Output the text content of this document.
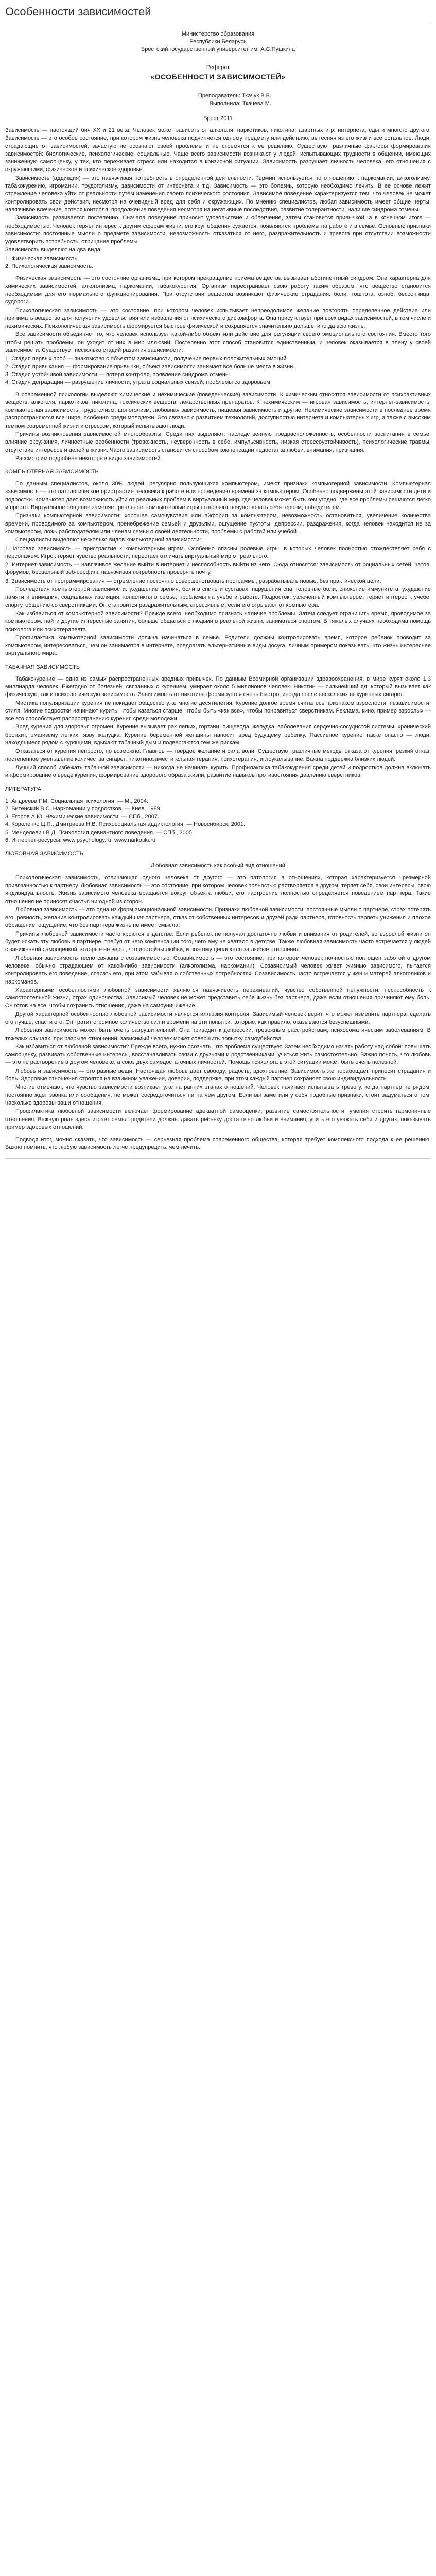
Особенности зависимостей
Министерство образования
Республики Беларусь
Брестский государственный университет им. А.С.Пушкина
Реферат
«ОСОБЕННОСТИ ЗАВИСИМОСТЕЙ»
Преподаватель: Ткачук В.В.
Выполнила: Ткачева М.
Брест 2011

Зависимость — настоящий бич XX и 21 века. Человек может зависеть от алкоголя, наркотиков, никотина, азартных игр, интернета, еды и многого другого. Зависимость — это особое состояние, при котором жизнь человека подчиняется одному предмету или действию, вытесняя из его жизни все остальное. Люди, страдающие от зависимостей, зачастую не осознают своей проблемы и не стремятся к ее решению. Существуют различные факторы формирования зависимостей: биологические, психологические, социальные. Чаще всего зависимости возникают у людей, испытывающих трудности в общении, имеющих заниженную самооценку, у тех, кто переживает стресс или находится в кризисной ситуации. Зависимость разрушает личность человека, его отношения с окружающими, физическое и психическое здоровье.

Зависимость (аддикция) — это навязчивая потребность в определенной деятельности. Термин используется по отношению к наркомании, алкоголизму, табакокурению, игромании, трудоголизму, зависимости от интернета и т.д. Зависимость — это болезнь, которую необходимо лечить. В ее основе лежит стремление человека уйти от реальности путем изменения своего психического состояния. Зависимое поведение характеризуется тем, что человек не может контролировать свои действия, несмотря на очевидный вред для себя и окружающих. По мнению специалистов, любая зависимость имеет общие черты: навязчивое влечение, потеря контроля, продолжение поведения несмотря на негативные последствия, развитие толерантности, наличие синдрома отмены.

Зависимость развивается постепенно. Сначала поведение приносит удовольствие и облегчение, затем становится привычкой, а в конечном итоге — необходимостью. Человек теряет интерес к другим сферам жизни, его круг общения сужается, появляются проблемы на работе и в семье. Основные признаки зависимости: постоянные мысли о предмете зависимости, невозможность отказаться от него, раздражительность и тревога при отсутствии возможности удовлетворить потребность, отрицание проблемы.

Зависимость выделяют на два вида:

1. Физическая зависимость.
2. Психологическая зависимость.

Физическая зависимость — это состояние организма, при котором прекращение приема вещества вызывает абстинентный синдром. Она характерна для химических зависимостей: алкоголизма, наркомании, табакокурения. Организм перестраивает свою работу таким образом, что вещество становится необходимым для его нормального функционирования. При отсутствии вещества возникают физические страдания: боли, тошнота, озноб, бессонница, судороги.

Психологическая зависимость — это состояние, при котором человек испытывает непреодолимое желание повторять определенное действие или принимать вещество для получения удовольствия или избавления от психического дискомфорта. Она присутствует при всех видах зависимостей, в том числе и нехимических. Психологическая зависимость формируется быстрее физической и сохраняется значительно дольше, иногда всю жизнь.

Все зависимости объединяет то, что человек использует какой-либо объект или действие для регуляции своего эмоционального состояния. Вместо того чтобы решать проблемы, он уходит от них в мир иллюзий. Постепенно этот способ становится единственным, и человек оказывается в плену у своей зависимости. Существует несколько стадий развития зависимости:

1. Стадия первых проб — знакомство с объектом зависимости, получение первых положительных эмоций.
2. Стадия привыкания — формирование привычки, объект зависимости занимает все больше места в жизни.
3. Стадия устойчивой зависимости — потеря контроля, появление синдрома отмены.
4. Стадия деградации — разрушение личности, утрата социальных связей, проблемы со здоровьем.

В современной психологии выделяют химические и нехимические (поведенческие) зависимости. К химическим относятся зависимости от психоактивных веществ: алкоголя, наркотиков, никотина, токсических веществ, лекарственных препаратов. К нехимическим — игровая зависимость, интернет-зависимость, компьютерная зависимость, трудоголизм, шопоголизм, любовная зависимость, пищевая зависимость и другие. Нехимические зависимости в последнее время распространяются все шире, особенно среди молодежи. Это связано с развитием технологий, доступностью интернета и компьютерных игр, а также с высоким темпом современной жизни и стрессом, который испытывают люди.

Причины возникновения зависимостей многообразны. Среди них выделяют: наследственную предрасположенность, особенности воспитания в семье, влияние окружения, личностные особенности (тревожность, неуверенность в себе, импульсивность, низкая стрессоустойчивость), психологические травмы, отсутствие интересов и целей в жизни. Часто зависимость становится способом компенсации недостатка любви, внимания, признания.

Рассмотрим подробнее некоторые виды зависимостей.

КОМПЬЮТЕРНАЯ ЗАВИСИМОСТЬ

По данным специалистов, около 30% людей, регулярно пользующихся компьютером, имеют признаки компьютерной зависимости. Компьютерная зависимость — это патологическое пристрастие человека к работе или проведению времени за компьютером. Особенно подвержены этой зависимости дети и подростки. Компьютер дает возможность уйти от реальных проблем в виртуальный мир, где человек может быть кем угодно, где все проблемы решаются легко и просто. Виртуальное общение заменяет реальное, компьютерные игры позволяют почувствовать себя героем, победителем.

Признаки компьютерной зависимости: хорошее самочувствие или эйфория за компьютером, невозможность остановиться, увеличение количества времени, проводимого за компьютером, пренебрежение семьей и друзьями, ощущение пустоты, депрессии, раздражения, когда человек находится не за компьютером, ложь работодателям или членам семьи о своей деятельности, проблемы с работой или учебой.

Специалисты выделяют несколько видов компьютерной зависимости:

1. Игровая зависимость — пристрастие к компьютерным играм. Особенно опасны ролевые игры, в которых человек полностью отождествляет себя с персонажем. Игрок теряет чувство реальности, перестает отличать виртуальный мир от реального.

2. Интернет-зависимость — навязчивое желание выйти в интернет и неспособность выйти из него. Сюда относятся: зависимость от социальных сетей, чатов, форумов, бесцельный веб-серфинг, навязчивая потребность проверять почту.

3. Зависимость от программирования — стремление постоянно совершенствовать программы, разрабатывать новые, без практической цели.

Последствия компьютерной зависимости: ухудшение зрения, боли в спине и суставах, нарушения сна, головные боли, снижение иммунитета, ухудшение памяти и внимания, социальная изоляция, конфликты в семье, проблемы на учебе и работе. Подросток, увлеченный компьютером, теряет интерес к учебе, спорту, общению со сверстниками. Он становится раздражительным, агрессивным, если его отрывают от компьютера.

Как избавиться от компьютерной зависимости? Прежде всего, необходимо признать наличие проблемы. Затем следует ограничить время, проводимое за компьютером, найти другие интересные занятия, больше общаться с людьми в реальной жизни, заниматься спортом. В тяжелых случаях необходима помощь психолога или психотерапевта.

Профилактика компьютерной зависимости должна начинаться в семье. Родители должны контролировать время, которое ребенок проводит за компьютером, интересоваться, чем он занимается в интернете, предлагать альтернативные виды досуга, личным примером показывать, что жизнь интереснее виртуального мира.

ТАБАЧНАЯ ЗАВИСИМОСТЬ

Табакокурение — одна из самых распространенных вредных привычек. По данным Всемирной организации здравоохранения, в мире курят около 1,3 миллиарда человек. Ежегодно от болезней, связанных с курением, умирает около 5 миллионов человек. Никотин — сильнейший яд, который вызывает как физическую, так и психологическую зависимость. Зависимость от никотина формируется очень быстро, иногда после нескольких выкуренных сигарет.

Мистика популяризации курения не покидает общество уже многие десятилетия. Курение долгое время считалось признаком взрослости, независимости, стиля. Многие подростки начинают курить, чтобы казаться старше, чтобы быть «как все», чтобы понравиться сверстникам. Реклама, кино, пример взрослых — все это способствует распространению курения среди молодежи.

Вред курения для здоровья огромен. Курение вызывает рак легких, гортани, пищевода, желудка, заболевания сердечно-сосудистой системы, хронический бронхит, эмфизему легких, язву желудка. Курение беременной женщины наносит вред будущему ребенку. Пассивное курение также опасно — люди, находящиеся рядом с курящими, вдыхают табачный дым и подвергаются тем же рискам.

Отказаться от курения непросто, но возможно. Главное — твердое желание и сила воли. Существуют различные методы отказа от курения: резкий отказ, постепенное уменьшение количества сигарет, никотинозаместительная терапия, психотерапия, иглоукалывание. Важна поддержка близких людей.

Лучший способ избежать табачной зависимости — никогда не начинать курить. Профилактика табакокурения среди детей и подростков должна включать информирование о вреде курения, формирование здорового образа жизни, развитие навыков противостояния давлению сверстников.

ЛИТЕРАТУРА
1. Андреева Г.М. Социальная психология. — М., 2004.
2. Битенский В.С. Наркомании у подростков. — Киев, 1989.
3. Егоров А.Ю. Нехимические зависимости. — СПб., 2007.
4. Короленко Ц.П., Дмитриева Н.В. Психосоциальная аддиктология. — Новосибирск, 2001.
5. Менделевич В.Д. Психология девиантного поведения. — СПб., 2005.
6. Интернет-ресурсы: www.psychology.ru, www.narkotiki.ru
ЛЮБОВНАЯ ЗАВИСИМОСТЬ
Любовная зависимость как особый вид отношений

Психологическая зависимость, отличающая одного человека от другого — это патология в отношениях, которая характеризуется чрезмерной привязанностью к партнеру. Любовная зависимость — это состояние, при котором человек полностью растворяется в другом, теряет себя, свои интересы, свою индивидуальность. Жизнь зависимого человека вращается вокруг объекта любви, его настроение полностью определяется поведением партнера. Такие отношения не приносят счастья ни одной из сторон.

Любовная зависимость — это одна из форм эмоциональной зависимости. Признаки любовной зависимости: постоянные мысли о партнере, страх потерять его, ревность, желание контролировать каждый шаг партнера, отказ от собственных интересов и друзей ради партнера, готовность терпеть унижения и плохое обращение, ощущение, что без партнера жизнь не имеет смысла.

Причины любовной зависимости часто кроются в детстве. Если ребенок не получал достаточно любви и внимания от родителей, во взрослой жизни он будет искать эту любовь в партнере, требуя от него компенсации того, чего ему не хватало в детстве. Также любовная зависимость часто встречается у людей с заниженной самооценкой, которые не верят, что достойны любви, и поэтому цепляются за любые отношения.

Любовная зависимость тесно связана с созависимостью. Созависимость — это состояние, при котором человек полностью поглощен заботой о другом человеке, обычно страдающем от какой-либо зависимости (алкоголизма, наркомании). Созависимый человек живет жизнью зависимого, пытается контролировать его поведение, спасать его, при этом забывая о собственных потребностях. Созависимость часто встречается у жен и матерей алкоголиков и наркоманов.

Характерными особенностями любовной зависимости являются навязчивость переживаний, чувство собственной ненужности, неспособность к самостоятельной жизни, страх одиночества. Зависимый человек не может представить себе жизнь без партнера, даже если отношения причиняют ему боль. Он готов на все, чтобы сохранить отношения, даже на самоуничижение.

Другой характерной особенностью любовной зависимости является иллюзия контроля. Зависимый человек верит, что может изменить партнера, сделать его лучше, спасти его. Он тратит огромное количество сил и времени на эти попытки, которые, как правило, оказываются безуспешными.

Любовная зависимость может быть очень разрушительной. Она приводит к депрессии, тревожным расстройствам, психосоматическим заболеваниям. В тяжелых случаях, при разрыве отношений, зависимый человек может совершить попытку самоубийства.

Как избавиться от любовной зависимости? Прежде всего, нужно осознать, что проблема существует. Затем необходимо начать работу над собой: повышать самооценку, развивать собственные интересы, восстанавливать связи с друзьями и родственниками, учиться жить самостоятельно. Важно понять, что любовь — это не растворение в другом человеке, а союз двух самодостаточных личностей. Помощь психолога в этой ситуации может быть очень полезной.

Любовь и зависимость — это разные вещи. Настоящая любовь дает свободу, радость, вдохновение. Зависимость же порабощает, приносит страдания и боль. Здоровые отношения строятся на взаимном уважении, доверии, поддержке, при этом каждый партнер сохраняет свою индивидуальность.

Многие отмечают, что чувство зависимости возникает уже на ранних этапах отношений. Человек начинает испытывать тревогу, когда партнер не рядом, постоянно ждет звонка или сообщения, не может сосредоточиться ни на чем другом. Если вы заметили у себя подобные признаки, стоит задуматься о том, насколько здоровы ваши отношения.

Профилактика любовной зависимости включает формирование адекватной самооценки, развитие самостоятельности, умения строить гармоничные отношения. Важную роль здесь играет семья: родители должны давать ребенку достаточно любви и внимания, учить его уважать себя и других, показывать пример здоровых отношений.

Подводя итог, можно сказать, что зависимость — серьезная проблема современного общества, которая требует комплексного подхода к ее решению. Важно помнить, что любую зависимость легче предупредить, чем лечить.
